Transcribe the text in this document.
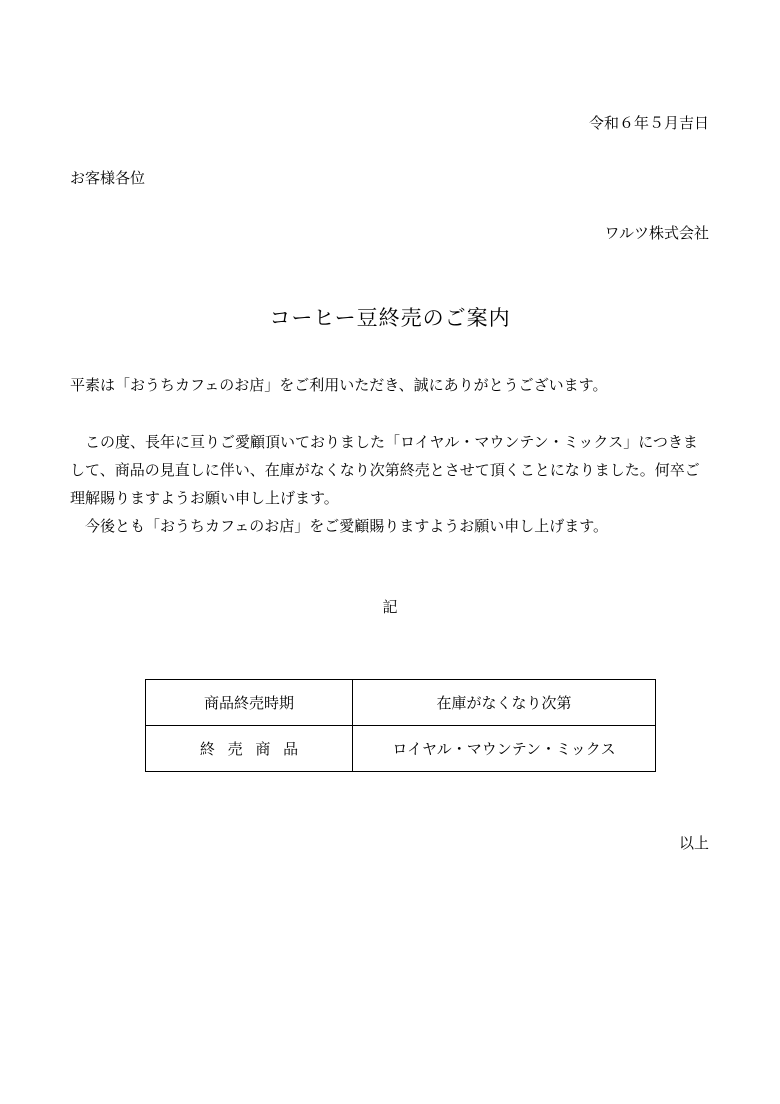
令和６年５月吉日
お客様各位
ワルツ株式会社
コーヒー豆終売のご案内
平素は「おうちカフェのお店」をご利用いただき、誠にありがとうございます。

この度、長年に亘りご愛顧頂いておりました「ロイヤル・マウンテン・ミックス」につきまして、商品の見直しに伴い、在庫がなくなり次第終売とさせて頂くことになりました。何卒ご理解賜りますようお願い申し上げます。

今後とも「おうちカフェのお店」をご愛顧賜りますようお願い申し上げます。

記
商品終売時期	在庫がなくなり次第
終売商品	ロイヤル・マウンテン・ミックス
以上
